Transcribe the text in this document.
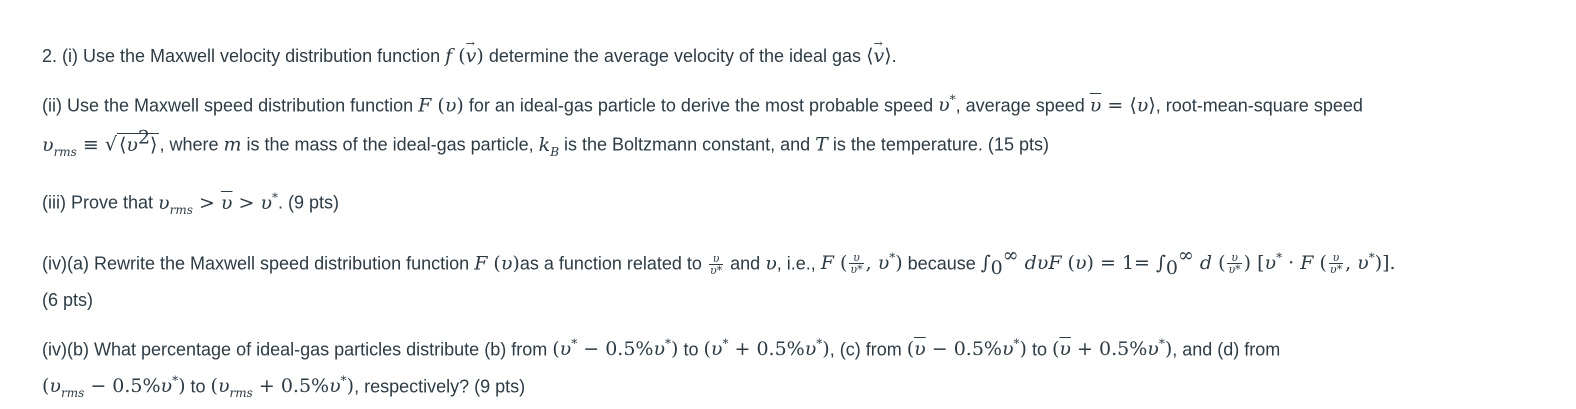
2. (i) Use the Maxwell velocity distribution function f (→ v) determine the average velocity of the ideal gas ⟨→ v⟩.

(ii) Use the Maxwell speed distribution function F (υ) for an ideal-gas particle to derive the most probable speed υ*, average speed $\overline{\upsilon}$ = ⟨υ⟩, root-mean-square speed

$\upsilon_{rms}$ ≡ √ $⟨\upsilon^2⟩$ , where m is the mass of the ideal-gas particle, $k_B$ is the Boltzmann constant, and T is the temperature. (15 pts)

(iii) Prove that $\upsilon_{rms} > \overline{\upsilon} > \upsilon^*$. (9 pts)

(iv)(a) Rewrite the Maxwell speed distribution function F (υ)as a function related to $\frac{\upsilon}{\upsilon*}$ and υ, i.e., F ( $\frac{\upsilon}{\upsilon*}$ , υ*) because $\int_0^\infty$ dυF $(\upsilon) = 1= \int_0^\infty$ d ( $\frac{\upsilon}{\upsilon*}$ ) [υ* · F ( $\frac{\upsilon}{\upsilon*}$ , υ*)].

(6 pts)

(iv)(b) What percentage of ideal-gas particles distribute (b) from (υ* − 0.5%υ*) to (υ* + 0.5%υ*), (c) from $(\overline{\upsilon} - 0.5\%\upsilon^*)$ to $(\overline{\upsilon} + 0.5\%\upsilon^*)$, and (d) from

$(\upsilon_{rms} - 0.5\%\upsilon^*)$ to $(\upsilon_{rms} + 0.5\%\upsilon^*)$, respectively? (9 pts)
